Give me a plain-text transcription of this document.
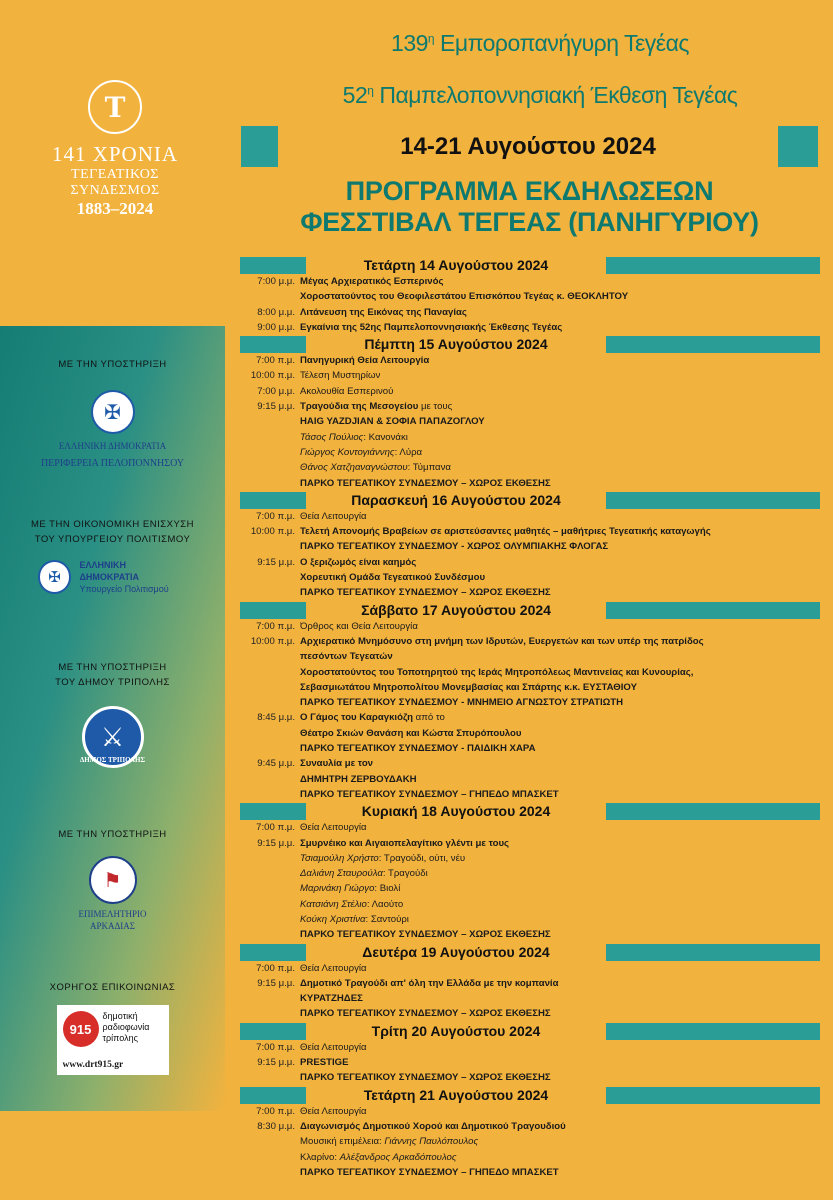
T
141 ΧΡΟΝΙΑ
ΤΕΓΕΑΤΙΚΟΣ ΣΥΝΔΕΣΜΟΣ
1883–2024
ΜΕ ΤΗΝ ΥΠΟΣΤΗΡΙΞΗ
✠
ΕΛΛΗΝΙΚΗ ΔΗΜΟΚΡΑΤΙΑ
ΠΕΡΙΦΕΡΕΙΑ ΠΕΛΟΠΟΝΝΗΣΟΥ
ΜΕ ΤΗΝ ΟΙΚΟΝΟΜΙΚΗ ΕΝΙΣΧΥΣΗ
ΤΟΥ ΥΠΟΥΡΓΕΙΟΥ ΠΟΛΙΤΙΣΜΟΥ
✠
ΕΛΛΗΝΙΚΗ ΔΗΜΟΚΡΑΤΙΑ
Υπουργείο Πολιτισμού
ΜΕ ΤΗΝ ΥΠΟΣΤΗΡΙΞΗ
ΤΟΥ ΔΗΜΟΥ ΤΡΙΠΟΛΗΣ
⚔
ΔΗΜΟΣ ΤΡΙΠΟΛΗΣ
ΜΕ ΤΗΝ ΥΠΟΣΤΗΡΙΞΗ
⚑
ΕΠΙΜΕΛΗΤΗΡΙΟ
ΑΡΚΑΔΙΑΣ
ΧΟΡΗΓΟΣ ΕΠΙΚΟΙΝΩΝΙΑΣ
915
δημοτική
ραδιοφωνία
τρίπολης
www.drt915.gr
$139^\eta$ Εμποροπανήγυρη Τεγέας
$52^\eta$ Παμπελοποννησιακή Έκθεση Τεγέας
14-21 Αυγούστου 2024
ΠΡΟΓΡΑΜΜΑ ΕΚΔΗΛΩΣΕΩΝ
ΦΕΣΣΤΙΒΑΛ ΤΕΓΕΑΣ (ΠΑΝΗΓΥΡΙΟΥ)
Τετάρτη 14 Αυγούστου 2024
7:00 μ.μ. Μέγας Αρχιερατικός Εσπερινός
Χοροστατούντος του Θεοφιλεστάτου Επισκόπου Τεγέας κ. ΘΕΟΚΛΗΤΟΥ
8:00 μ.μ. Λιτάνευση της Εικόνας της Παναγίας
9:00 μ.μ. Εγκαίνια της 52ης Παμπελοποννησιακής Έκθεσης Τεγέας
Πέμπτη 15 Αυγούστου 2024
7:00 π.μ. Πανηγυρική Θεία Λειτουργία
10:00 π.μ. Τέλεση Μυστηρίων
7:00 μ.μ. Ακολουθία Εσπερινού
9:15 μ.μ. Τραγούδια της Μεσογείου με τους
HAIG YAZDJIAN & ΣΟΦΙΑ ΠΑΠΑΖΟΓΛΟΥ
Τάσος Πούλιος: Κανονάκι
Γιώργος Κοντογιάννης: Λύρα
Θάνος Χατζηαναγνώστου: Τύμπανα
ΠΑΡΚΟ ΤΕΓΕΑΤΙΚΟΥ ΣΥΝΔΕΣΜΟΥ – ΧΩΡΟΣ ΕΚΘΕΣΗΣ
Παρασκευή 16 Αυγούστου 2024
7:00 π.μ. Θεία Λειτουργία
10:00 π.μ. Τελετή Απονομής Βραβείων σε αριστεύσαντες μαθητές – μαθήτριες Τεγεατικής καταγωγής
ΠΑΡΚΟ ΤΕΓΕΑΤΙΚΟΥ ΣΥΝΔΕΣΜΟΥ - ΧΩΡΟΣ ΟΛΥΜΠΙΑΚΗΣ ΦΛΟΓΑΣ
9:15 μ.μ. Ο ξεριζωμός είναι καημός
Χορευτική Ομάδα Τεγεατικού Συνδέσμου
ΠΑΡΚΟ ΤΕΓΕΑΤΙΚΟΥ ΣΥΝΔΕΣΜΟΥ – ΧΩΡΟΣ ΕΚΘΕΣΗΣ
Σάββατο 17 Αυγούστου 2024
7:00 π.μ. Όρθρος και Θεία Λειτουργία
10:00 π.μ. Αρχιερατικό Μνημόσυνο στη μνήμη των Ιδρυτών, Ευεργετών και των υπέρ της πατρίδος
πεσόντων Τεγεατών
Χοροστατούντος του Τοποτηρητού της Ιεράς Μητροπόλεως Μαντινείας και Κυνουρίας,
Σεβασμιωτάτου Μητροπολίτου Μονεμβασίας και Σπάρτης κ.κ. ΕΥΣΤΑΘΙΟΥ
ΠΑΡΚΟ ΤΕΓΕΑΤΙΚΟΥ ΣΥΝΔΕΣΜΟΥ - ΜΝΗΜΕΙΟ ΑΓΝΩΣΤΟΥ ΣΤΡΑΤΙΩΤΗ
8:45 μ.μ. Ο Γάμος του Καραγκιόζη από το
Θέατρο Σκιών Θανάση και Κώστα Σπυρόπουλου
ΠΑΡΚΟ ΤΕΓΕΑΤΙΚΟΥ ΣΥΝΔΕΣΜΟΥ - ΠΑΙΔΙΚΗ ΧΑΡΑ
9:45 μ.μ. Συναυλία με τον
ΔΗΜΗΤΡΗ ΖΕΡΒΟΥΔΑΚΗ
ΠΑΡΚΟ ΤΕΓΕΑΤΙΚΟΥ ΣΥΝΔΕΣΜΟΥ – ΓΗΠΕΔΟ ΜΠΑΣΚΕΤ
Κυριακή 18 Αυγούστου 2024
7:00 π.μ. Θεία Λειτουργία
9:15 μ.μ. Σμυρνέικο και Αιγαιοπελαγίτικο γλέντι με τους
Τσιαμούλη Χρήστο: Τραγούδι, ούτι, νέυ
Δαλιάνη Σταυρούλα: Τραγούδι
Μαρινάκη Γιώργο: Βιολί
Κατσιάνη Στέλιο: Λαούτο
Κούκη Χριστίνα: Σαντούρι
ΠΑΡΚΟ ΤΕΓΕΑΤΙΚΟΥ ΣΥΝΔΕΣΜΟΥ – ΧΩΡΟΣ ΕΚΘΕΣΗΣ
Δευτέρα 19 Αυγούστου 2024
7:00 π.μ. Θεία Λειτουργία
9:15 μ.μ. Δημοτικό Τραγούδι απ' όλη την Ελλάδα με την κομπανία
ΚΥΡΑΤΖΗΔΕΣ
ΠΑΡΚΟ ΤΕΓΕΑΤΙΚΟΥ ΣΥΝΔΕΣΜΟΥ – ΧΩΡΟΣ ΕΚΘΕΣΗΣ
Τρίτη 20 Αυγούστου 2024
7:00 π.μ. Θεία Λειτουργία
9:15 μ.μ. PRESTIGE
ΠΑΡΚΟ ΤΕΓΕΑΤΙΚΟΥ ΣΥΝΔΕΣΜΟΥ – ΧΩΡΟΣ ΕΚΘΕΣΗΣ
Τετάρτη 21 Αυγούστου 2024
7:00 π.μ. Θεία Λειτουργία
8:30 μ.μ. Διαγωνισμός Δημοτικού Χορού και Δημοτικού Τραγουδιού
Μουσική επιμέλεια: Γιάννης Παυλόπουλος
Κλαρίνο: Αλέξανδρος Αρκαδόπουλος
ΠΑΡΚΟ ΤΕΓΕΑΤΙΚΟΥ ΣΥΝΔΕΣΜΟΥ – ΓΗΠΕΔΟ ΜΠΑΣΚΕΤ
